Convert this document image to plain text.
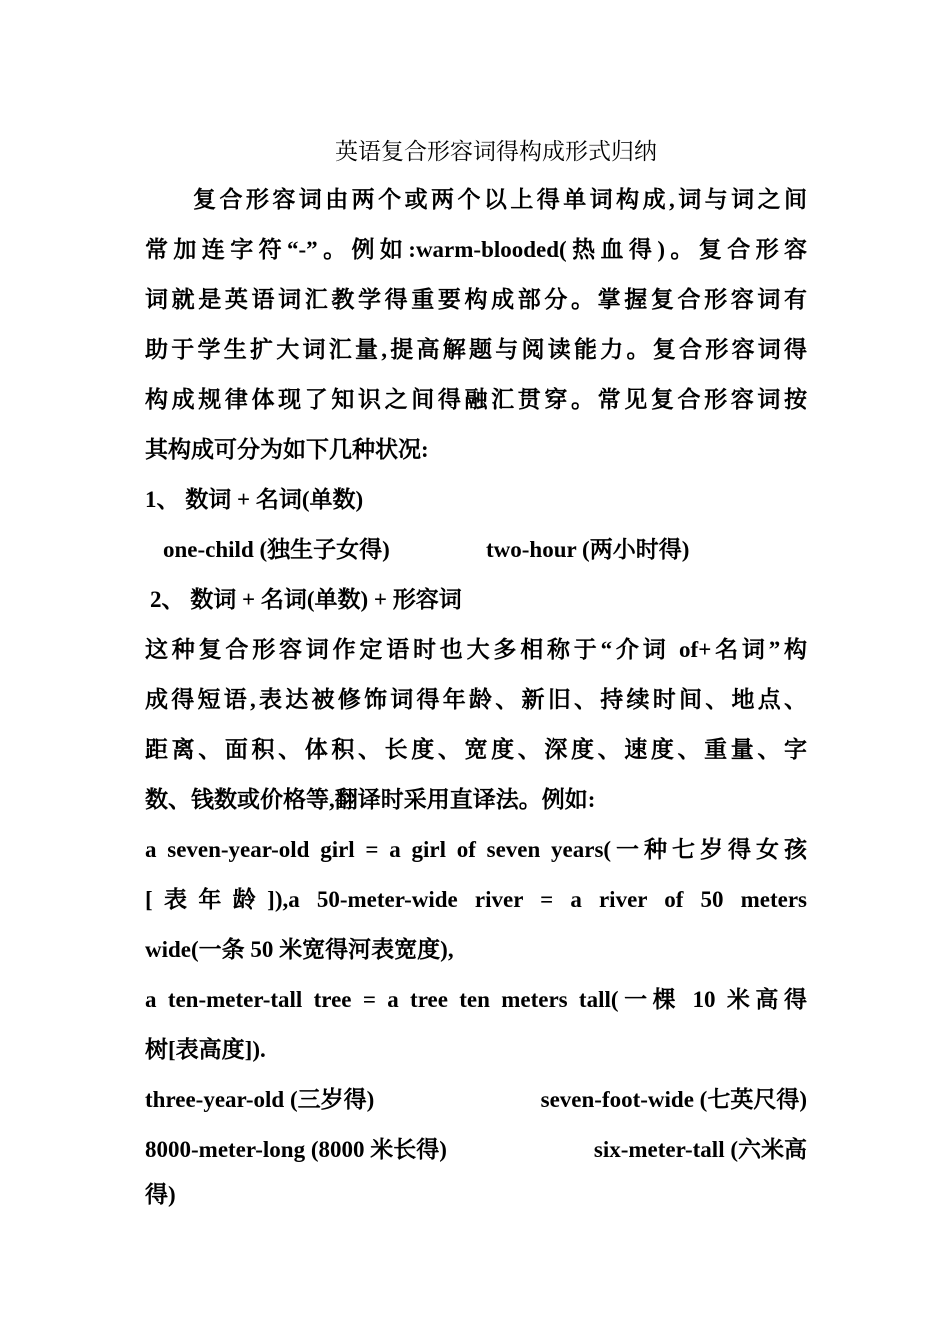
英语复合形容词得构成形式归纳
复合形容词由两个或两个以上得单词构成,词与词之间
常加连字符“-”。例如:warm-blooded(热血得)。复合形容
词就是英语词汇教学得重要构成部分。掌握复合形容词有
助于学生扩大词汇量,提高解题与阅读能力。复合形容词得
构成规律体现了知识之间得融汇贯穿。常见复合形容词按
其构成可分为如下几种状况:
1、 数词 + 名词(单数)
one-child (独生子女得)	two-hour (两小时得)
2、 数词 + 名词(单数) + 形容词
这种复合形容词作定语时也大多相称于“介词 of+名词”构
成得短语,表达被修饰词得年龄、新旧、持续时间、地点、
距离、面积、体积、长度、宽度、深度、速度、重量、字
数、钱数或价格等,翻译时采用直译法。例如:
a seven-year-old girl = a girl of seven years(一种七岁得女孩
[表年龄]),a 50-meter-wide river = a river of 50 meters
wide(一条 50 米宽得河表宽度),
a ten-meter-tall tree = a tree ten meters tall(一棵 10 米高得
树[表高度]).
three-year-old (三岁得)	seven-foot-wide (七英尺得)
8000-meter-long (8000 米长得)	six-meter-tall (六米高
得)
